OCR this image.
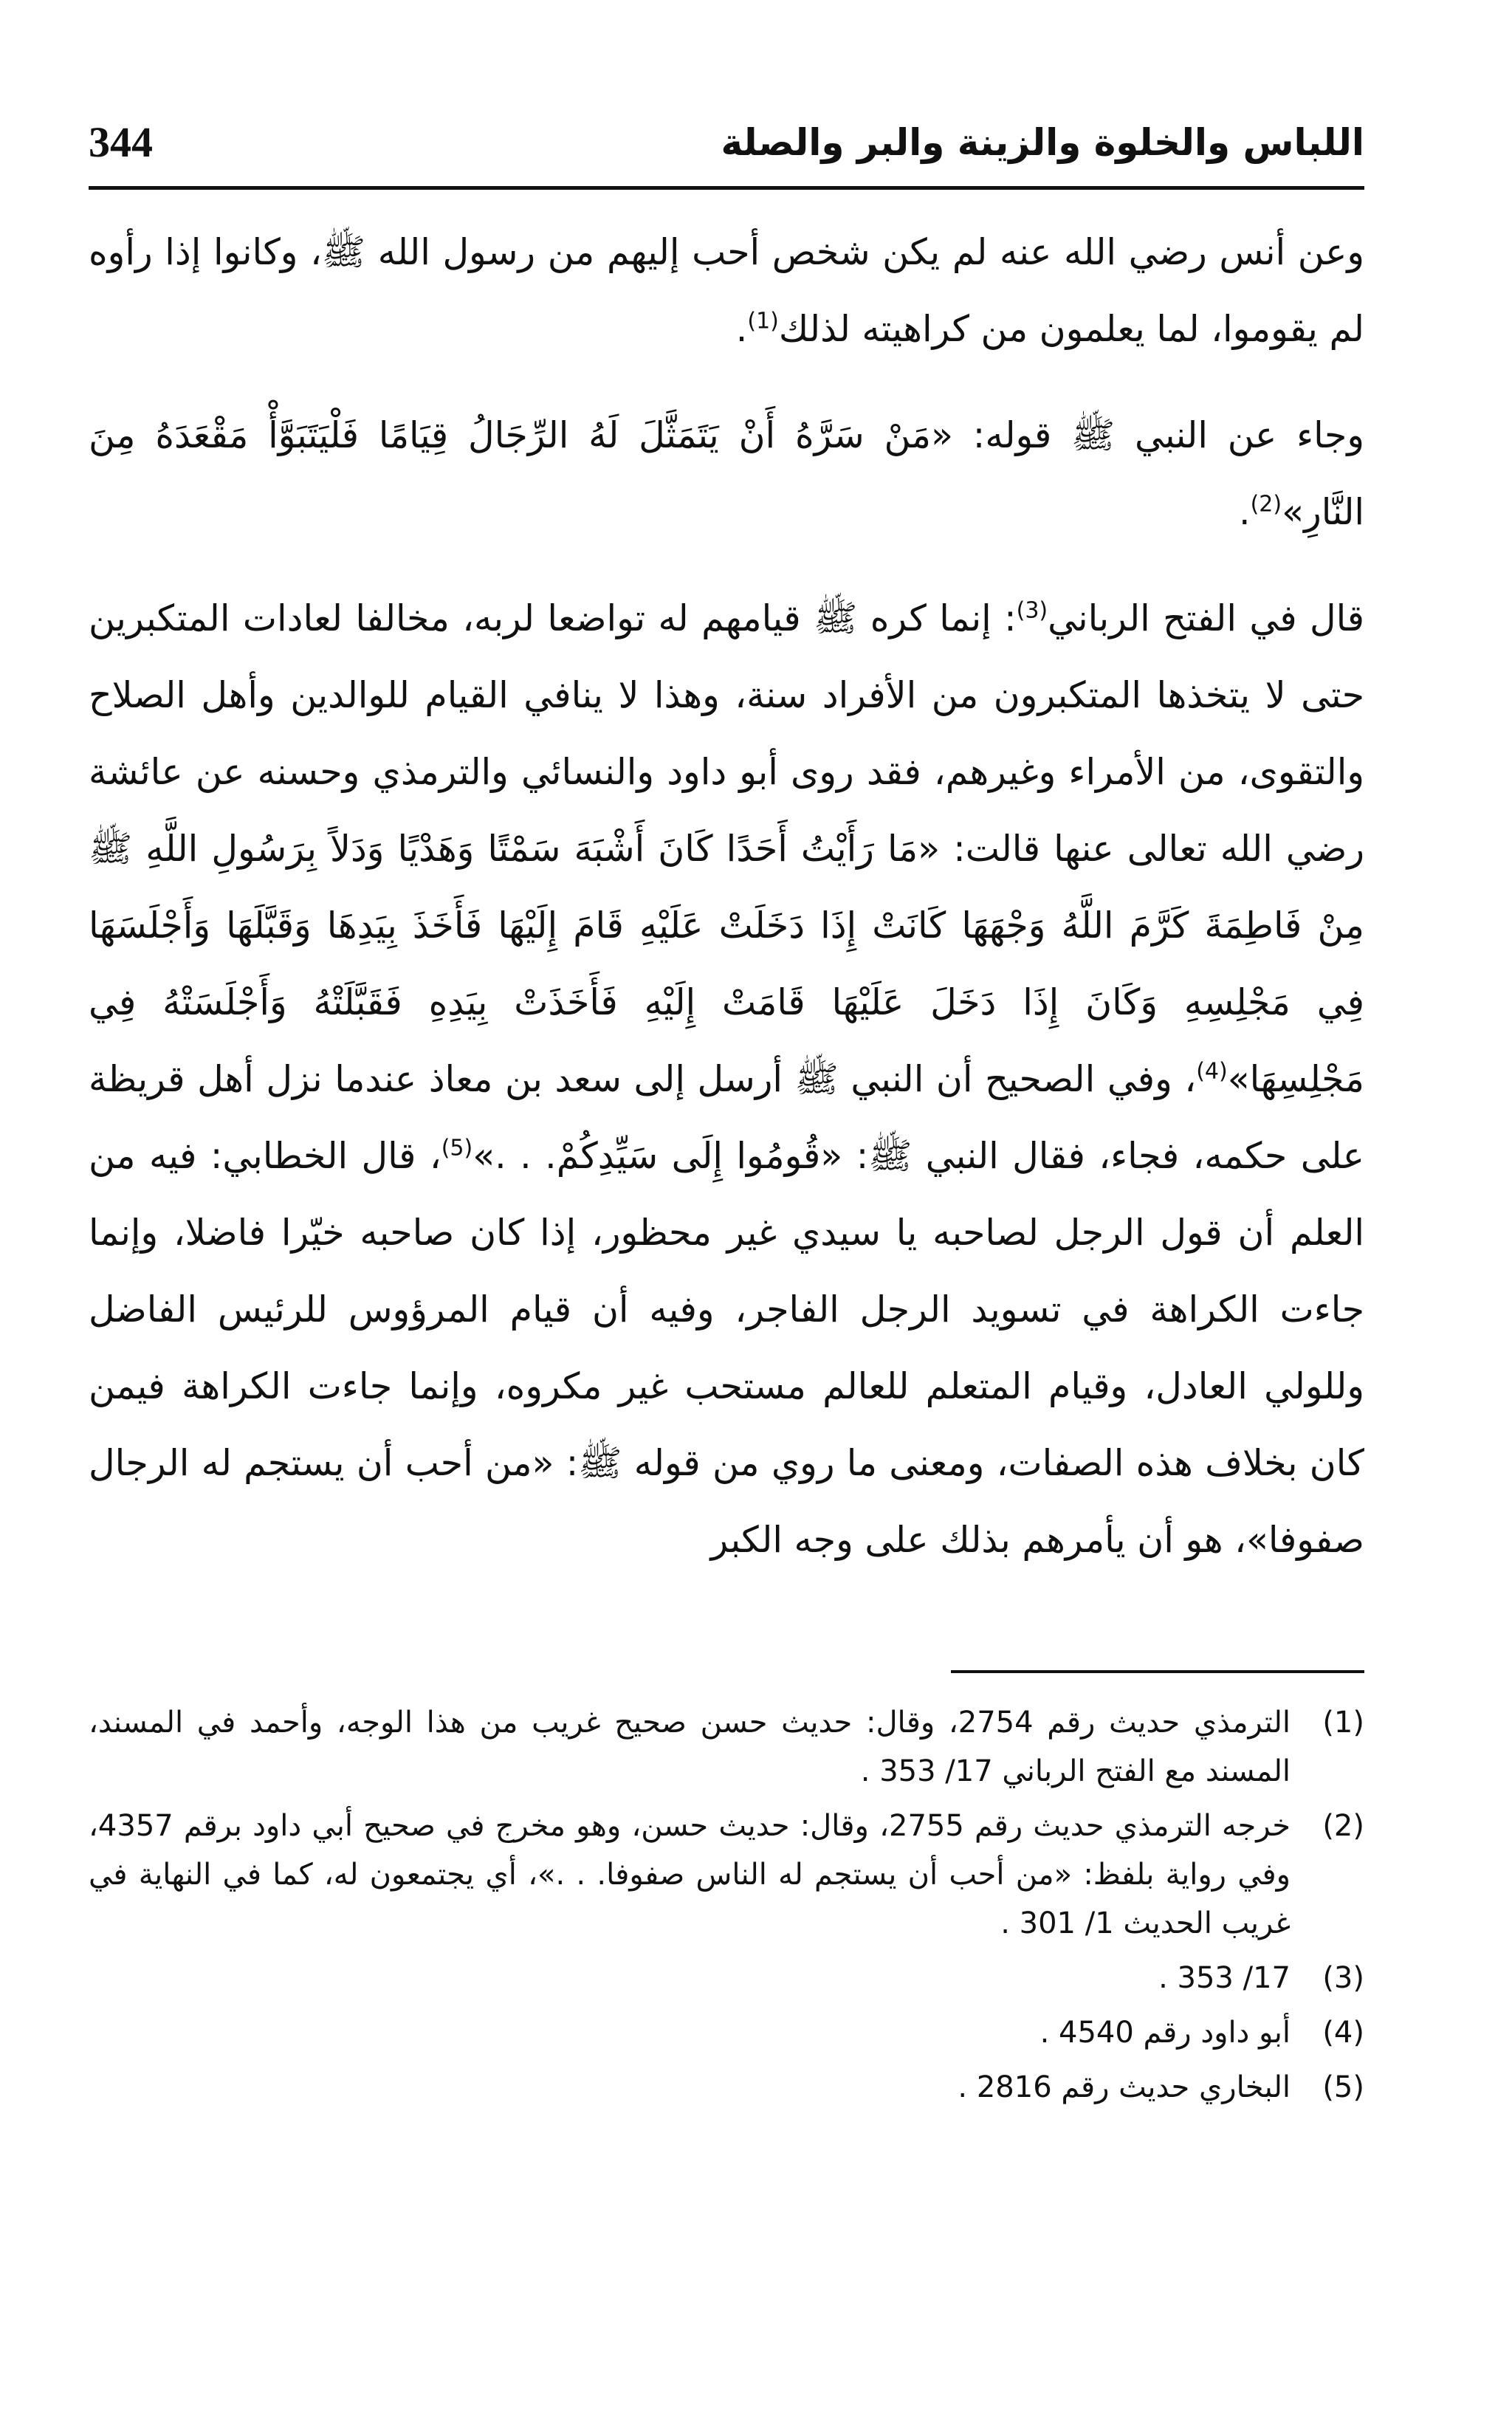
344	اللباس والخلوة والزينة والبر والصلة

وعن أنس رضي الله عنه لم يكن شخص أحب إليهم من رسول الله ﷺ، وكانوا إذا رأوه لم يقوموا، لما يعلمون من كراهيته لذلك$^{(1)}$.

وجاء عن النبي ﷺ قوله: «مَنْ سَرَّهُ أَنْ يَتَمَثَّلَ لَهُ الرِّجَالُ قِيَامًا فَلْيَتَبَوَّأْ مَقْعَدَهُ مِنَ النَّارِ»$^{(2)}$.

قال في الفتح الرباني$^{(3)}$: إنما كره ﷺ قيامهم له تواضعا لربه، مخالفا لعادات المتكبرين حتى لا يتخذها المتكبرون من الأفراد سنة، وهذا لا ينافي القيام للوالدين وأهل الصلاح والتقوى، من الأمراء وغيرهم، فقد روى أبو داود والنسائي والترمذي وحسنه عن عائشة رضي الله تعالى عنها قالت: «مَا رَأَيْتُ أَحَدًا كَانَ أَشْبَهَ سَمْتًا وَهَدْيًا وَدَلاً بِرَسُولِ اللَّهِ ﷺ مِنْ فَاطِمَةَ كَرَّمَ اللَّهُ وَجْهَهَا كَانَتْ إِذَا دَخَلَتْ عَلَيْهِ قَامَ إِلَيْهَا فَأَخَذَ بِيَدِهَا وَقَبَّلَهَا وَأَجْلَسَهَا فِي مَجْلِسِهِ وَكَانَ إِذَا دَخَلَ عَلَيْهَا قَامَتْ إِلَيْهِ فَأَخَذَتْ بِيَدِهِ فَقَبَّلَتْهُ وَأَجْلَسَتْهُ فِي مَجْلِسِهَا»$^{(4)}$، وفي الصحيح أن النبي ﷺ أرسل إلى سعد بن معاذ عندما نزل أهل قريظة على حكمه، فجاء، فقال النبي ﷺ: «قُومُوا إِلَى سَيِّدِكُمْ. . .»$^{(5)}$، قال الخطابي: فيه من العلم أن قول الرجل لصاحبه يا سيدي غير محظور، إذا كان صاحبه خيّرا فاضلا، وإنما جاءت الكراهة في تسويد الرجل الفاجر، وفيه أن قيام المرؤوس للرئيس الفاضل وللولي العادل، وقيام المتعلم للعالم مستحب غير مكروه، وإنما جاءت الكراهة فيمن كان بخلاف هذه الصفات، ومعنى ما روي من قوله ﷺ: «من أحب أن يستجم له الرجال صفوفا»، هو أن يأمرهم بذلك على وجه الكبر

(1)
الترمذي حديث رقم 2754، وقال: حديث حسن صحيح غريب من هذا الوجه، وأحمد في المسند، المسند مع الفتح الرباني 17/ 353 .
(2)
خرجه الترمذي حديث رقم 2755، وقال: حديث حسن، وهو مخرج في صحيح أبي داود برقم 4357، وفي رواية بلفظ: «من أحب أن يستجم له الناس صفوفا. . .»، أي يجتمعون له، كما في النهاية في غريب الحديث 1/ 301 .
(3)
17/ 353 .
(4)
أبو داود رقم 4540 .
(5)
البخاري حديث رقم 2816 .
